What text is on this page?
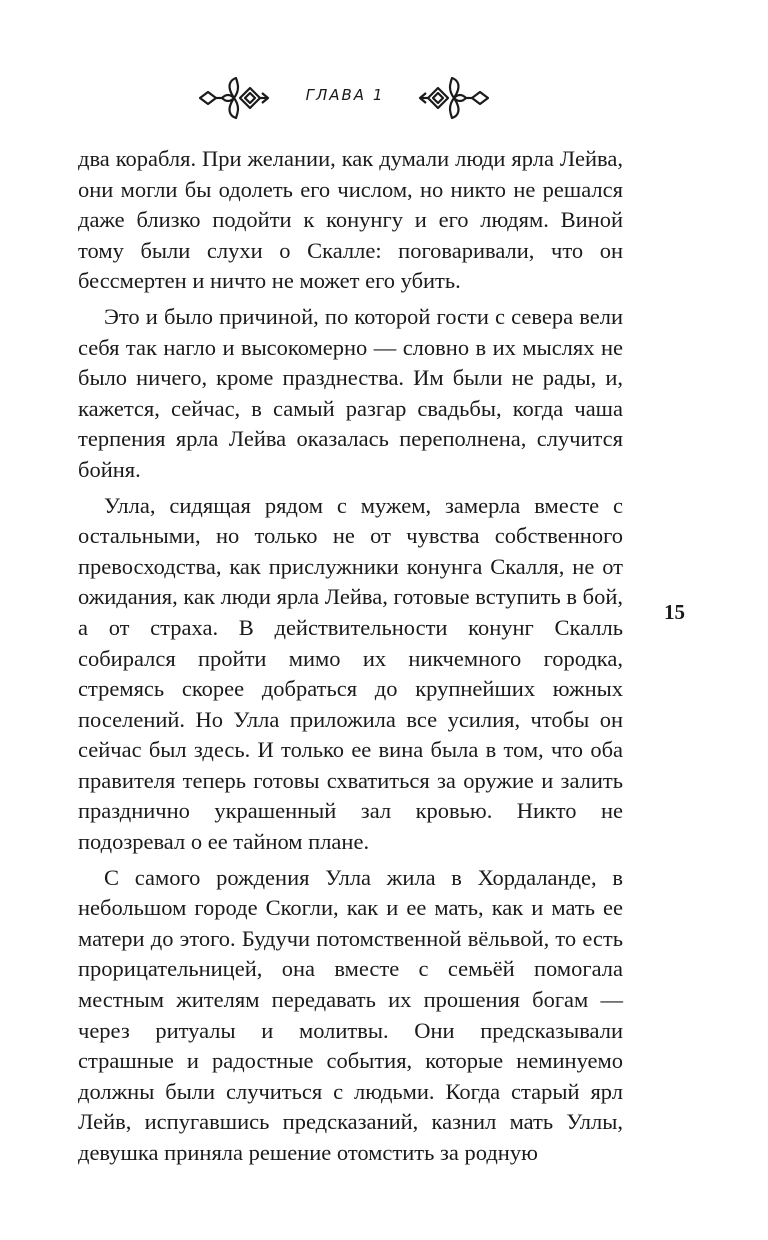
ГЛАВА 1

два корабля. При желании, как думали люди ярла Лейва, они могли бы одолеть его числом, но никто не решался даже близко подойти к конунгу и его людям. Виной тому были слухи о Скалле: поговаривали, что он бессмертен и ничто не может его убить.

Это и было причиной, по которой гости с севера вели себя так нагло и высокомерно — словно в их мыслях не было ничего, кроме празднества. Им были не рады, и, кажется, сейчас, в самый разгар свадьбы, когда чаша терпения ярла Лейва оказалась переполнена, случится бойня.

Улла, сидящая рядом с мужем, замерла вместе с остальными, но только не от чувства собственного превосходства, как прислужники конунга Скалля, не от ожидания, как люди ярла Лейва, готовые вступить в бой, а от страха. В действительности конунг Скалль собирался пройти мимо их никчемного городка, стремясь скорее добраться до крупнейших южных поселений. Но Улла приложила все усилия, чтобы он сейчас был здесь. И только ее вина была в том, что оба правителя теперь готовы схватиться за оружие и залить празднично украшенный зал кровью. Никто не подозревал о ее тайном плане.

С самого рождения Улла жила в Хордаланде, в небольшом городе Скогли, как и ее мать, как и мать ее матери до этого. Будучи потомственной вёльвой, то есть прорицательницей, она вместе с семьёй помогала местным жителям передавать их прошения богам — через ритуалы и молитвы. Они предсказывали страшные и радостные события, которые неминуемо должны были случиться с людьми. Когда старый ярл Лейв, испугавшись предсказаний, казнил мать Уллы, девушка приняла решение отомстить за родную

15
